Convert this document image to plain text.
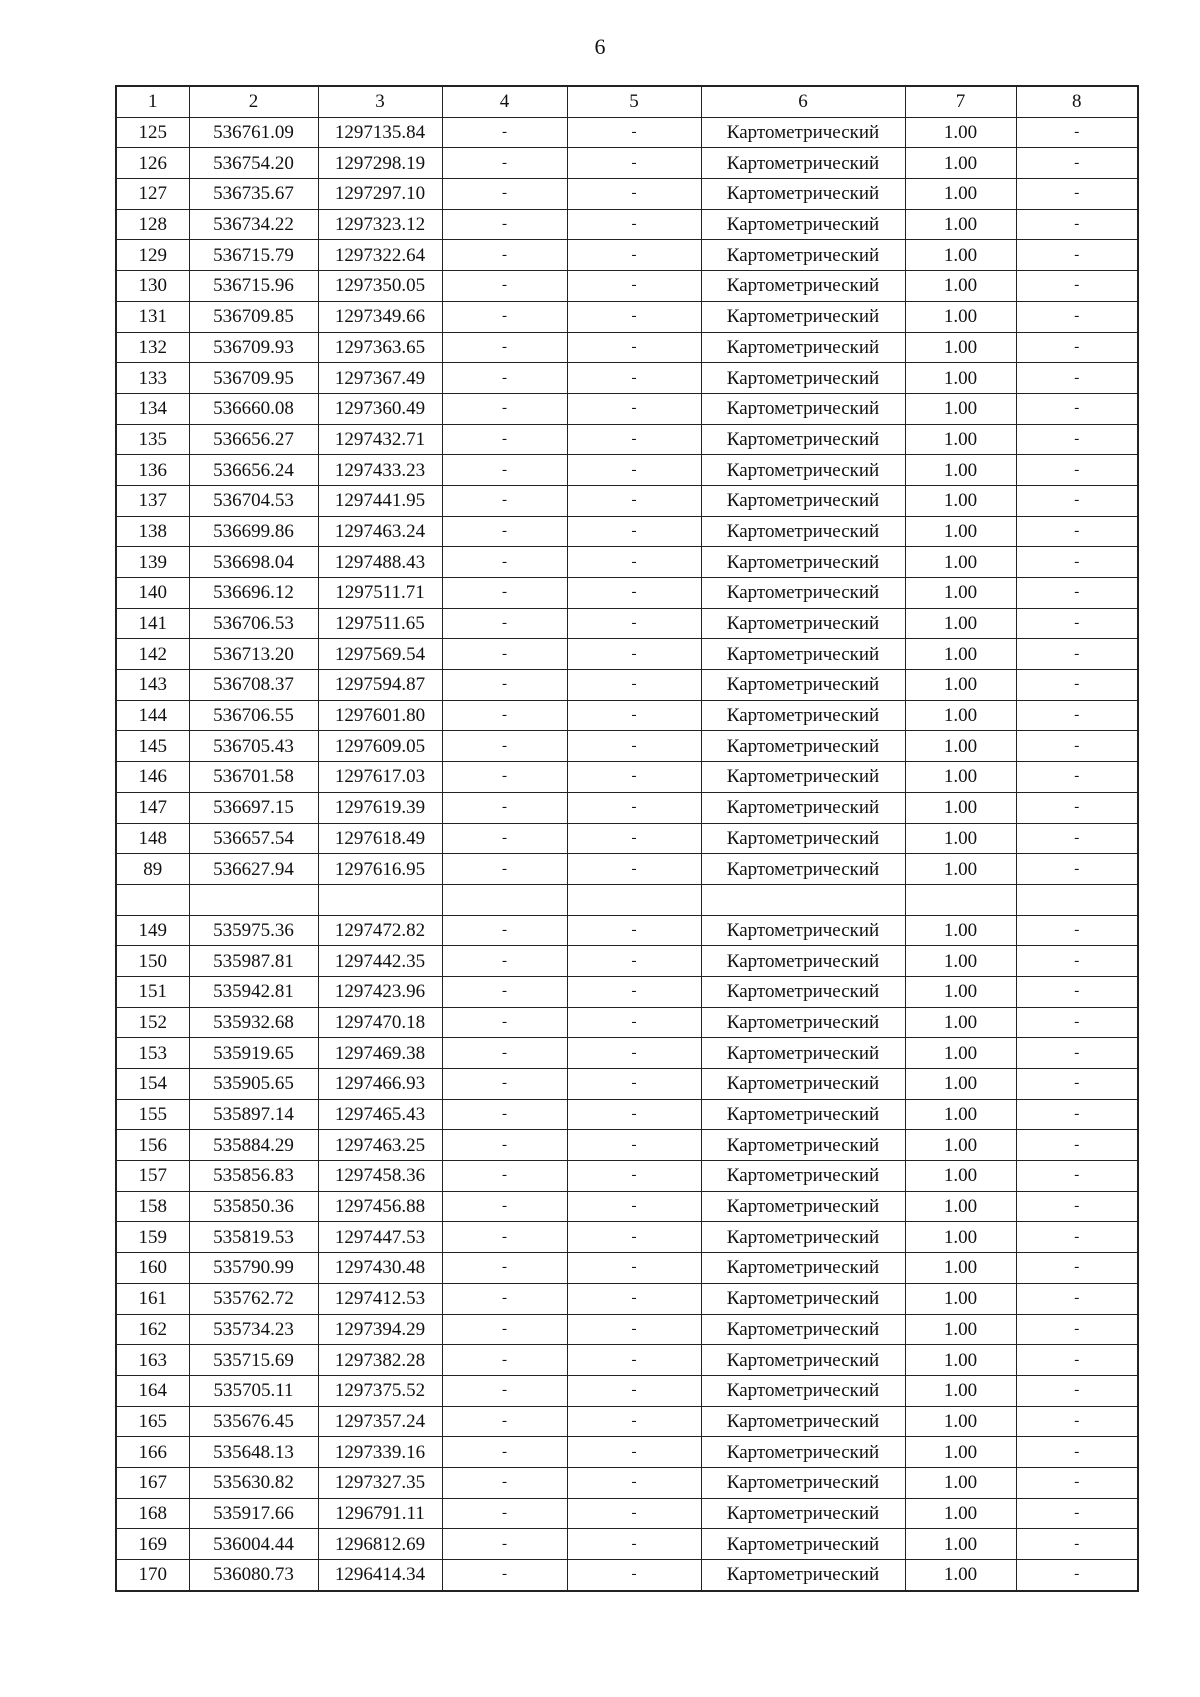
6
1	2	3	4	5	6	7	8
125	536761.09	1297135.84	-	-	Картометрический	1.00	-
126	536754.20	1297298.19	-	-	Картометрический	1.00	-
127	536735.67	1297297.10	-	-	Картометрический	1.00	-
128	536734.22	1297323.12	-	-	Картометрический	1.00	-
129	536715.79	1297322.64	-	-	Картометрический	1.00	-
130	536715.96	1297350.05	-	-	Картометрический	1.00	-
131	536709.85	1297349.66	-	-	Картометрический	1.00	-
132	536709.93	1297363.65	-	-	Картометрический	1.00	-
133	536709.95	1297367.49	-	-	Картометрический	1.00	-
134	536660.08	1297360.49	-	-	Картометрический	1.00	-
135	536656.27	1297432.71	-	-	Картометрический	1.00	-
136	536656.24	1297433.23	-	-	Картометрический	1.00	-
137	536704.53	1297441.95	-	-	Картометрический	1.00	-
138	536699.86	1297463.24	-	-	Картометрический	1.00	-
139	536698.04	1297488.43	-	-	Картометрический	1.00	-
140	536696.12	1297511.71	-	-	Картометрический	1.00	-
141	536706.53	1297511.65	-	-	Картометрический	1.00	-
142	536713.20	1297569.54	-	-	Картометрический	1.00	-
143	536708.37	1297594.87	-	-	Картометрический	1.00	-
144	536706.55	1297601.80	-	-	Картометрический	1.00	-
145	536705.43	1297609.05	-	-	Картометрический	1.00	-
146	536701.58	1297617.03	-	-	Картометрический	1.00	-
147	536697.15	1297619.39	-	-	Картометрический	1.00	-
148	536657.54	1297618.49	-	-	Картометрический	1.00	-
89	536627.94	1297616.95	-	-	Картометрический	1.00	-

149	535975.36	1297472.82	-	-	Картометрический	1.00	-
150	535987.81	1297442.35	-	-	Картометрический	1.00	-
151	535942.81	1297423.96	-	-	Картометрический	1.00	-
152	535932.68	1297470.18	-	-	Картометрический	1.00	-
153	535919.65	1297469.38	-	-	Картометрический	1.00	-
154	535905.65	1297466.93	-	-	Картометрический	1.00	-
155	535897.14	1297465.43	-	-	Картометрический	1.00	-
156	535884.29	1297463.25	-	-	Картометрический	1.00	-
157	535856.83	1297458.36	-	-	Картометрический	1.00	-
158	535850.36	1297456.88	-	-	Картометрический	1.00	-
159	535819.53	1297447.53	-	-	Картометрический	1.00	-
160	535790.99	1297430.48	-	-	Картометрический	1.00	-
161	535762.72	1297412.53	-	-	Картометрический	1.00	-
162	535734.23	1297394.29	-	-	Картометрический	1.00	-
163	535715.69	1297382.28	-	-	Картометрический	1.00	-
164	535705.11	1297375.52	-	-	Картометрический	1.00	-
165	535676.45	1297357.24	-	-	Картометрический	1.00	-
166	535648.13	1297339.16	-	-	Картометрический	1.00	-
167	535630.82	1297327.35	-	-	Картометрический	1.00	-
168	535917.66	1296791.11	-	-	Картометрический	1.00	-
169	536004.44	1296812.69	-	-	Картометрический	1.00	-
170	536080.73	1296414.34	-	-	Картометрический	1.00	-
